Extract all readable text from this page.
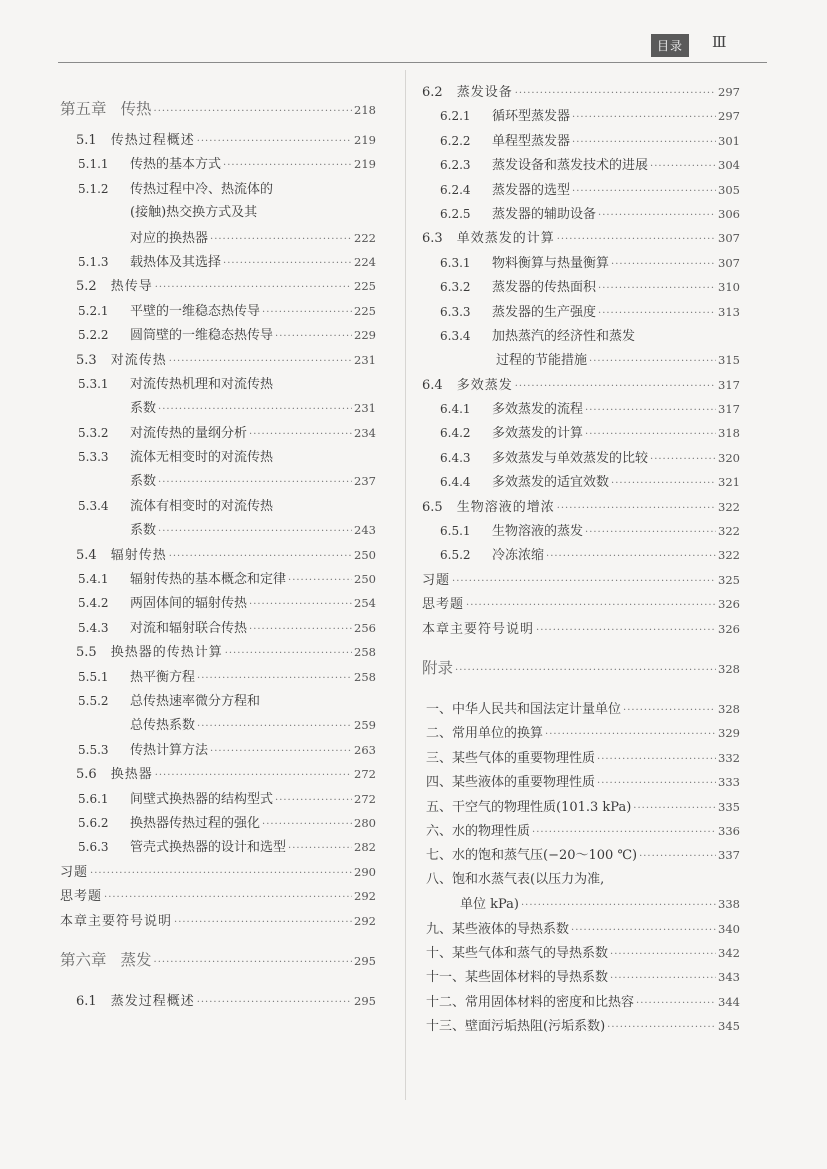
目录	Ⅲ
第五章 传热 ·····	218
5.1 传热过程概述 ·····	219
5.1.1	传热的基本方式 ·····	219
5.1.2	传热过程中冷、热流体的
(接触)热交换方式及其
对应的换热器 ·····	222
5.1.3	载热体及其选择 ·····	224
5.2 热传导 ·····	225
5.2.1	平壁的一维稳态热传导 ·····	225
5.2.2	圆筒壁的一维稳态热传导 ·····	229
5.3 对流传热 ·····	231
5.3.1	对流传热机理和对流传热
系数 ·····	231
5.3.2	对流传热的量纲分析 ·····	234
5.3.3	流体无相变时的对流传热
系数 ·····	237
5.3.4	流体有相变时的对流传热
系数 ·····	243
5.4 辐射传热 ·····	250
5.4.1	辐射传热的基本概念和定律 ·····	250
5.4.2	两固体间的辐射传热 ·····	254
5.4.3	对流和辐射联合传热 ·····	256
5.5 换热器的传热计算 ·····	258
5.5.1	热平衡方程 ·····	258
5.5.2	总传热速率微分方程和
总传热系数 ·····	259
5.5.3	传热计算方法 ·····	263
5.6 换热器 ·····	272
5.6.1	间壁式换热器的结构型式 ·····	272
5.6.2	换热器传热过程的强化 ·····	280
5.6.3	管壳式换热器的设计和选型 ·····	282
习题 ·····	290
思考题 ·····	292
本章主要符号说明 ·····	292
第六章 蒸发 ·····	295
6.1 蒸发过程概述 ·····	295
6.2 蒸发设备 ·····	297
6.2.1	循环型蒸发器 ·····	297
6.2.2	单程型蒸发器 ·····	301
6.2.3	蒸发设备和蒸发技术的进展 ·····	304
6.2.4	蒸发器的选型 ·····	305
6.2.5	蒸发器的辅助设备 ·····	306
6.3 单效蒸发的计算 ·····	307
6.3.1	物料衡算与热量衡算 ·····	307
6.3.2	蒸发器的传热面积 ·····	310
6.3.3	蒸发器的生产强度 ·····	313
6.3.4	加热蒸汽的经济性和蒸发
过程的节能措施 ·····	315
6.4 多效蒸发 ·····	317
6.4.1	多效蒸发的流程 ·····	317
6.4.2	多效蒸发的计算 ·····	318
6.4.3	多效蒸发与单效蒸发的比较 ·····	320
6.4.4	多效蒸发的适宜效数 ·····	321
6.5 生物溶液的增浓 ·····	322
6.5.1	生物溶液的蒸发 ·····	322
6.5.2	冷冻浓缩 ·····	322
习题 ·····	325
思考题 ·····	326
本章主要符号说明 ·····	326
附录 ·····	328
一、中华人民共和国法定计量单位 ·····	328
二、常用单位的换算 ·····	329
三、某些气体的重要物理性质 ·····	332
四、某些液体的重要物理性质 ·····	333
五、干空气的物理性质(101.3 kPa) ·····	335
六、水的物理性质 ·····	336
七、水的饱和蒸气压(−20～100 ℃) ·····	337
八、饱和水蒸气表(以压力为准,
单位 kPa) ·····	338
九、某些液体的导热系数 ·····	340
十、某些气体和蒸气的导热系数 ·····	342
十一、某些固体材料的导热系数 ·····	343
十二、常用固体材料的密度和比热容 ·····	344
十三、壁面污垢热阻(污垢系数) ·····	345
